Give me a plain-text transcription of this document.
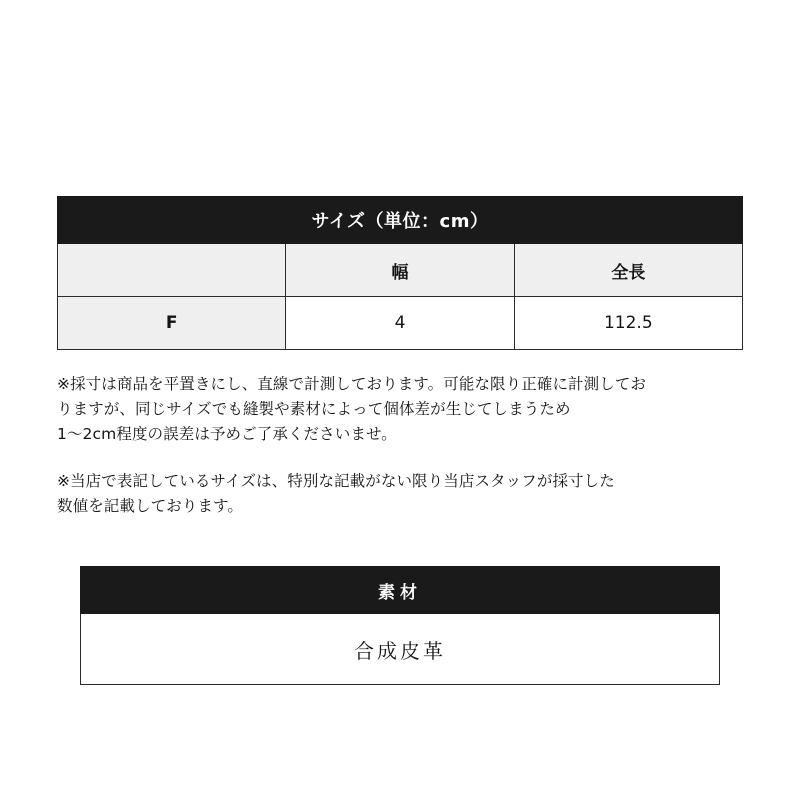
サイズ（単位：cm）		
	幅	全長
F	4	112.5
※採寸は商品を平置きにし、直線で計測しております。可能な限り正確に計測してお
りますが、同じサイズでも縫製や素材によって個体差が生じてしまうため
1〜2cm程度の誤差は予めご了承くださいませ。
※当店で表記しているサイズは、特別な記載がない限り当店スタッフが採寸した
数値を記載しております。
素材
合成皮革
